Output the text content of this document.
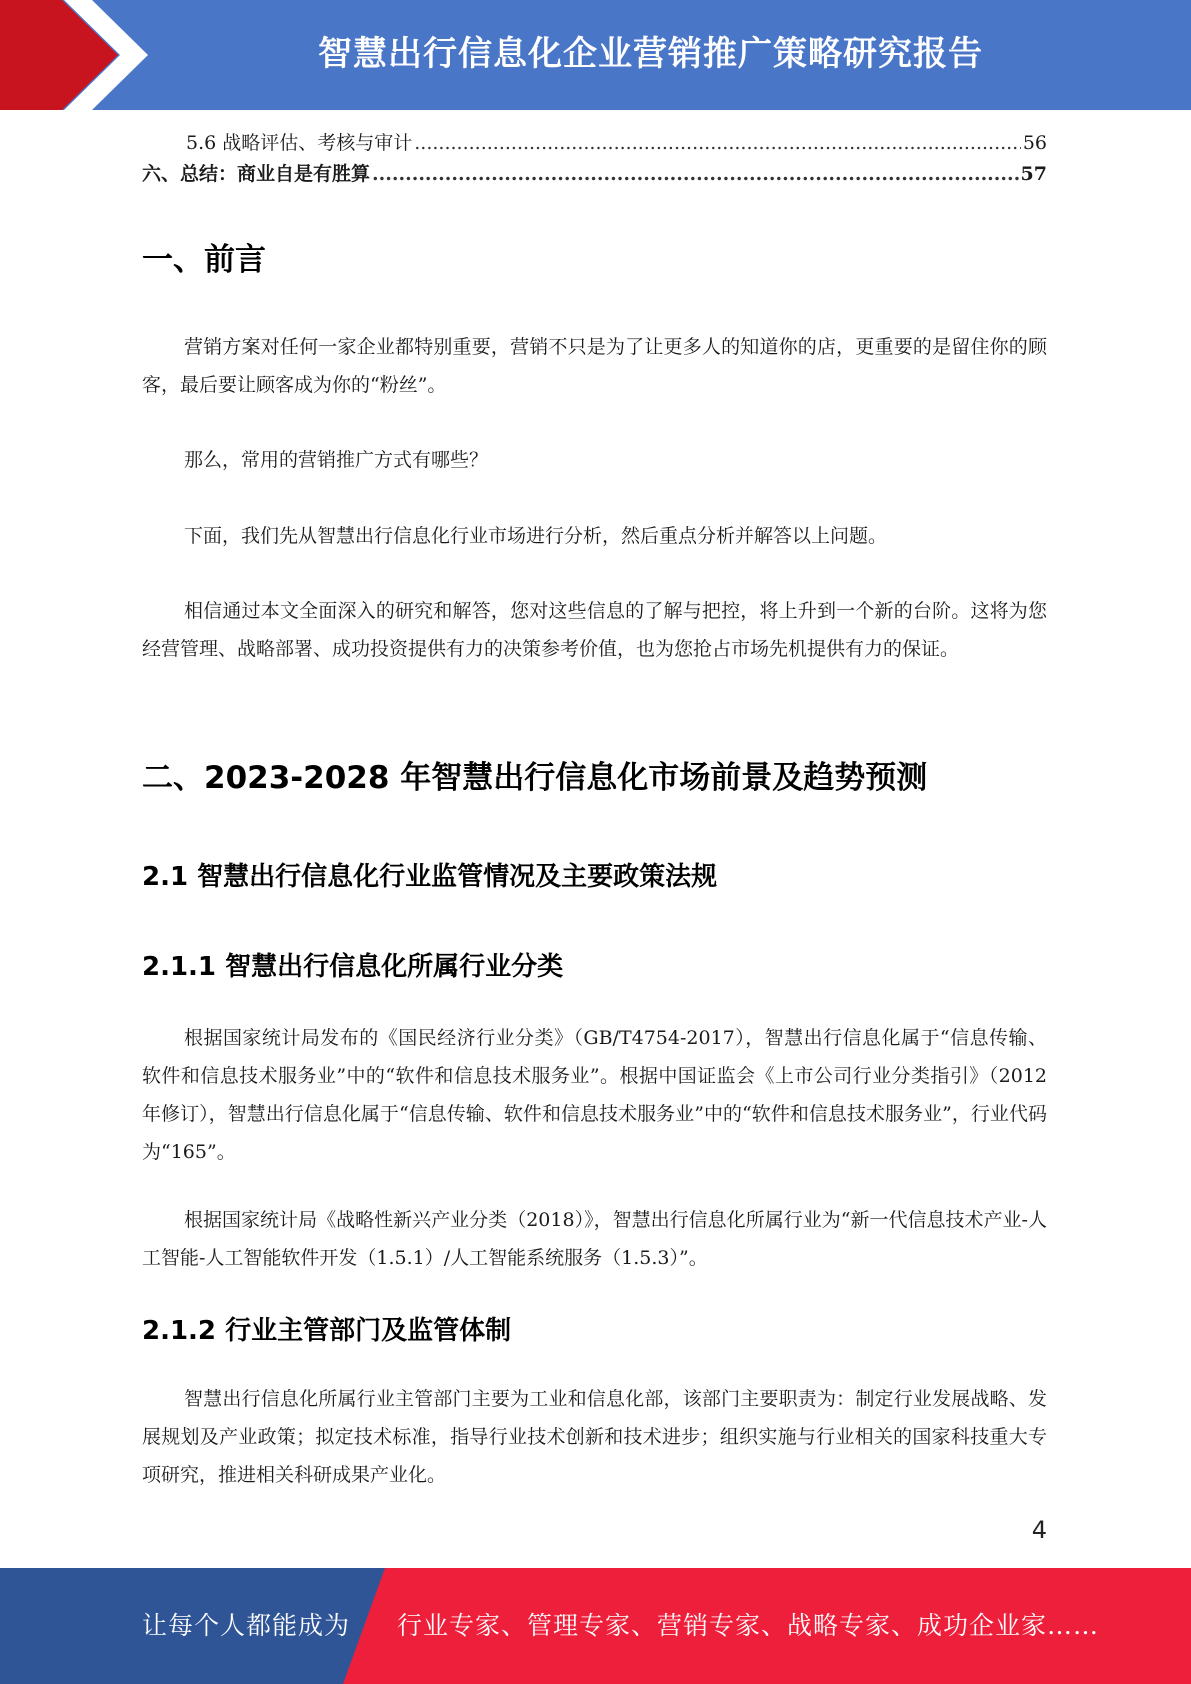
智慧出行信息化企业营销推广策略研究报告
5.6 战略评估、考核与审计 .....	56
六、总结：商业自是有胜算 .....	57
一、前言

营销方案对任何一家企业都特别重要，营销不只是为了让更多人的知道你的店，更重要的是留住你的顾客，最后要让顾客成为你的“粉丝”。

那么，常用的营销推广方式有哪些？

下面，我们先从智慧出行信息化行业市场进行分析，然后重点分析并解答以上问题。

相信通过本文全面深入的研究和解答，您对这些信息的了解与把控，将上升到一个新的台阶。这将为您经营管理、战略部署、成功投资提供有力的决策参考价值，也为您抢占市场先机提供有力的保证。

二、2023-2028 年智慧出行信息化市场前景及趋势预测
2.1 智慧出行信息化行业监管情况及主要政策法规
2.1.1 智慧出行信息化所属行业分类

根据国家统计局发布的《国民经济行业分类》（GB/T4754-2017），智慧出行信息化属于“信息传输、软件和信息技术服务业”中的“软件和信息技术服务业”。根据中国证监会《上市公司行业分类指引》（2012 年修订），智慧出行信息化属于“信息传输、软件和信息技术服务业”中的“软件和信息技术服务业”，行业代码为“165”。

根据国家统计局《战略性新兴产业分类（2018）》，智慧出行信息化所属行业为“新一代信息技术产业-人工智能-人工智能软件开发（1.5.1）/人工智能系统服务（1.5.3）”。

2.1.2 行业主管部门及监管体制

智慧出行信息化所属行业主管部门主要为工业和信息化部，该部门主要职责为：制定行业发展战略、发展规划及产业政策；拟定技术标准，指导行业技术创新和技术进步；组织实施与行业相关的国家科技重大专项研究，推进相关科研成果产业化。

4
让每个人都能成为 行业专家、管理专家、营销专家、战略专家、成功企业家……
